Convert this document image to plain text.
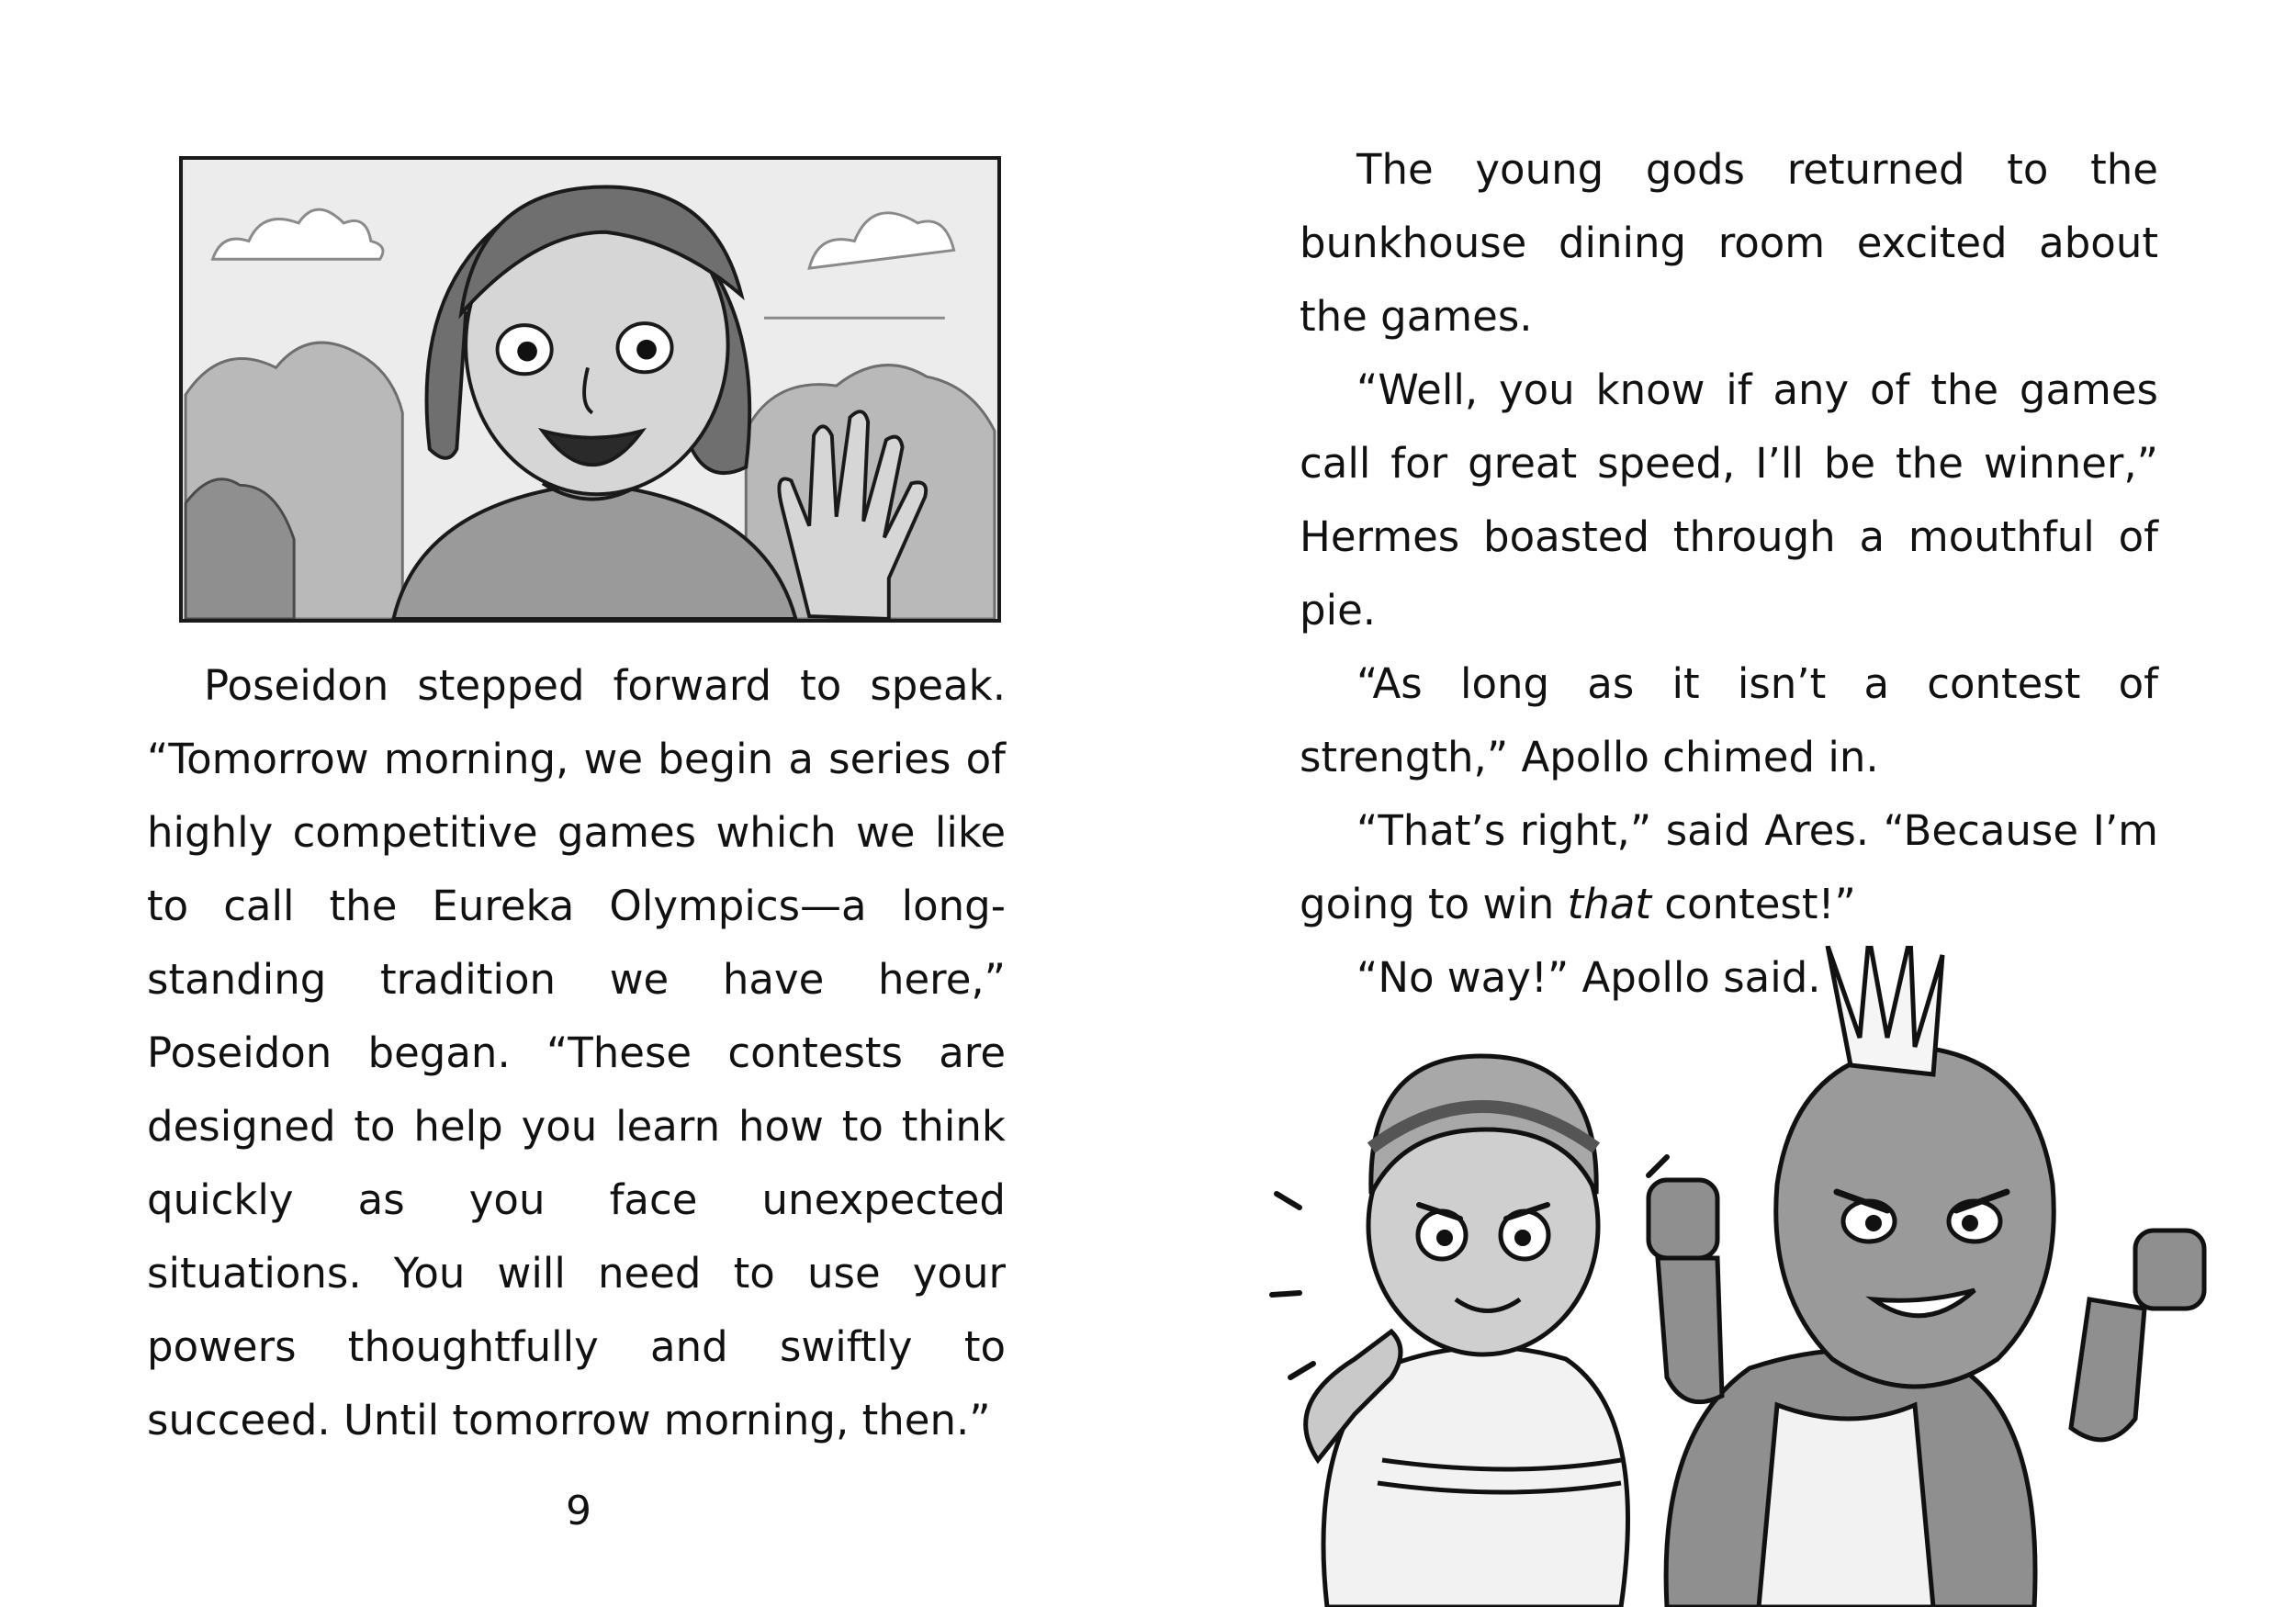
Poseidon stepped forward to speak. “Tomorrow morning, we begin a series of highly competitive games which we like to call the Eureka Olympics—a long-standing tradition we have here,” Poseidon began. “These contests are designed to help you learn how to think quickly as you face unexpected situations. You will need to use your powers thoughtfully and swiftly to succeed. Until tomorrow morning, then.”

9

The young gods returned to the bunkhouse dining room excited about the games.

“Well, you know if any of the games call for great speed, I’ll be the winner,” Hermes boasted through a mouthful of pie.

“As long as it isn’t a contest of strength,” Apollo chimed in.

“That’s right,” said Ares. “Because I’m going to win that contest!”

“No way!” Apollo said.
